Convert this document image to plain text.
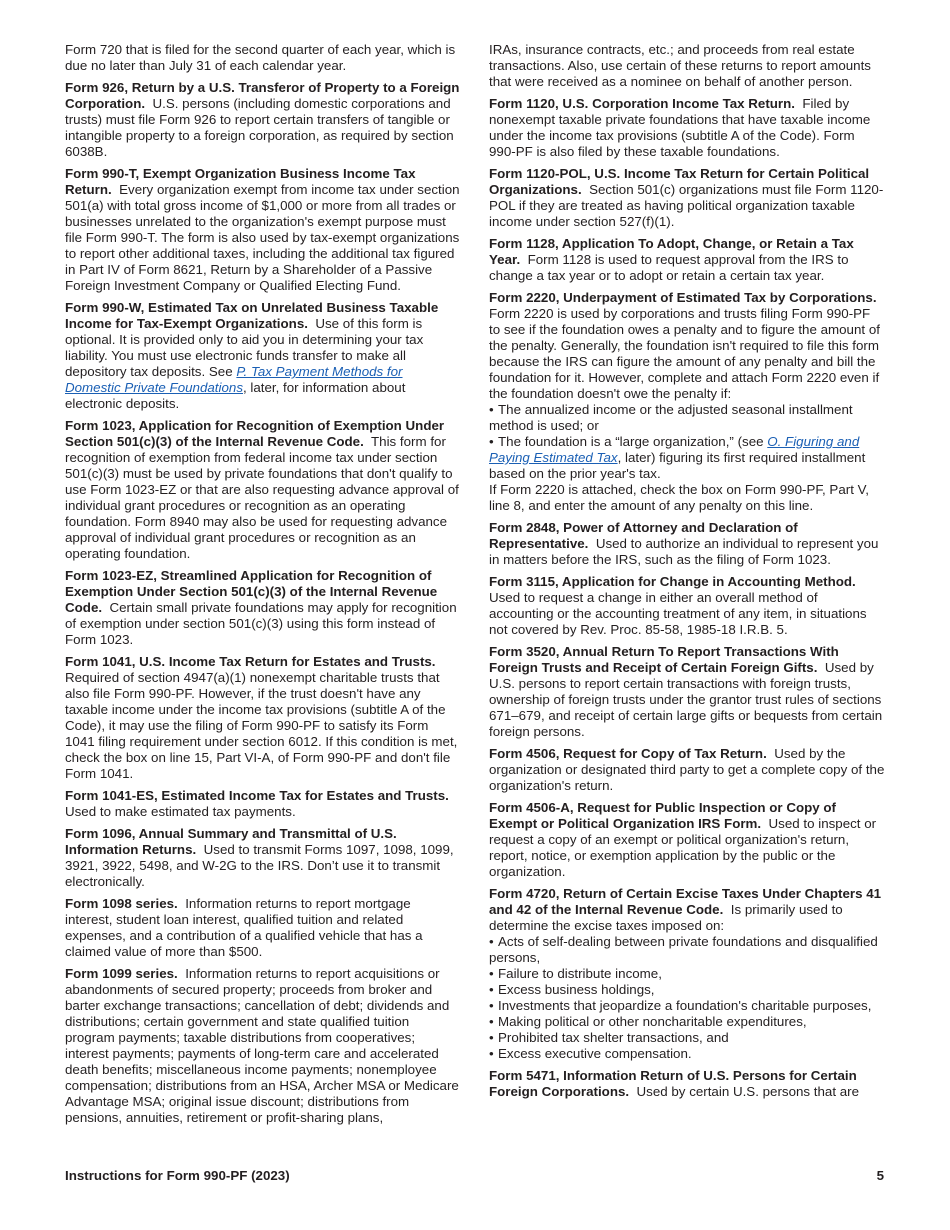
Form 720 that is filed for the second quarter of each year, which is due no later than July 31 of each calendar year.

Form 926, Return by a U.S. Transferor of Property to a Foreign Corporation. U.S. persons (including domestic corporations and trusts) must file Form 926 to report certain transfers of tangible or intangible property to a foreign corporation, as required by section 6038B.

Form 990-T, Exempt Organization Business Income Tax Return. Every organization exempt from income tax under section 501(a) with total gross income of $1,000 or more from all trades or businesses unrelated to the organization's exempt purpose must file Form 990-T. The form is also used by tax-exempt organizations to report other additional taxes, including the additional tax figured in Part IV of Form 8621, Return by a Shareholder of a Passive Foreign Investment Company or Qualified Electing Fund.

Form 990-W, Estimated Tax on Unrelated Business Taxable Income for Tax-Exempt Organizations. Use of this form is optional. It is provided only to aid you in determining your tax liability. You must use electronic funds transfer to make all depository tax deposits. See P. Tax Payment Methods for Domestic Private Foundations, later, for information about electronic deposits.

Form 1023, Application for Recognition of Exemption Under Section 501(c)(3) of the Internal Revenue Code. This form for recognition of exemption from federal income tax under section 501(c)(3) must be used by private foundations that don't qualify to use Form 1023-EZ or that are also requesting advance approval of individual grant procedures or recognition as an operating foundation. Form 8940 may also be used for requesting advance approval of individual grant procedures or recognition as an operating foundation.

Form 1023-EZ, Streamlined Application for Recognition of Exemption Under Section 501(c)(3) of the Internal Revenue Code. Certain small private foundations may apply for recognition of exemption under section 501(c)(3) using this form instead of Form 1023.

Form 1041, U.S. Income Tax Return for Estates and Trusts. Required of section 4947(a)(1) nonexempt charitable trusts that also file Form 990-PF. However, if the trust doesn't have any taxable income under the income tax provisions (subtitle A of the Code), it may use the filing of Form 990-PF to satisfy its Form 1041 filing requirement under section 6012. If this condition is met, check the box on line 15, Part VI-A, of Form 990-PF and don't file Form 1041.

Form 1041-ES, Estimated Income Tax for Estates and Trusts.  Used to make estimated tax payments.

Form 1096, Annual Summary and Transmittal of U.S. Information Returns. Used to transmit Forms 1097, 1098, 1099, 3921, 3922, 5498, and W-2G to the IRS. Don’t use it to transmit electronically.

Form 1098 series. Information returns to report mortgage interest, student loan interest, qualified tuition and related expenses, and a contribution of a qualified vehicle that has a claimed value of more than $500.

Form 1099 series. Information returns to report acquisitions or abandonments of secured property; proceeds from broker and barter exchange transactions; cancellation of debt; dividends and distributions; certain government and state qualified tuition program payments; taxable distributions from cooperatives; interest payments; payments of long-term care and accelerated death benefits; miscellaneous income payments; nonemployee compensation; distributions from an HSA, Archer MSA or Medicare Advantage MSA; original issue discount; distributions from pensions, annuities, retirement or profit-sharing plans,

IRAs, insurance contracts, etc.; and proceeds from real estate transactions. Also, use certain of these returns to report amounts that were received as a nominee on behalf of another person.

Form 1120, U.S. Corporation Income Tax Return. Filed by nonexempt taxable private foundations that have taxable income under the income tax provisions (subtitle A of the Code). Form 990-PF is also filed by these taxable foundations.

Form 1120-POL, U.S. Income Tax Return for Certain Political Organizations. Section 501(c) organizations must file Form 1120-POL if they are treated as having political organization taxable income under section 527(f)(1).

Form 1128, Application To Adopt, Change, or Retain a Tax Year. Form 1128 is used to request approval from the IRS to change a tax year or to adopt or retain a certain tax year.

Form 2220, Underpayment of Estimated Tax by Corporations.  Form 2220 is used by corporations and trusts filing Form 990-PF to see if the foundation owes a penalty and to figure the amount of the penalty. Generally, the foundation isn't required to file this form because the IRS can figure the amount of any penalty and bill the foundation for it. However, complete and attach Form 2220 even if the foundation doesn't owe the penalty if:

•The annualized income or the adjusted seasonal installment method is used; or

•The foundation is a “large organization,” (see O. Figuring and Paying Estimated Tax, later) figuring its first required installment based on the prior year's tax.

If Form 2220 is attached, check the box on Form 990-PF, Part V, line 8, and enter the amount of any penalty on this line.

Form 2848, Power of Attorney and Declaration of Representative. Used to authorize an individual to represent you in matters before the IRS, such as the filing of Form 1023.

Form 3115, Application for Change in Accounting Method. Used to request a change in either an overall method of accounting or the accounting treatment of any item, in situations not covered by Rev. Proc. 85-58, 1985-18 I.R.B. 5.

Form 3520, Annual Return To Report Transactions With Foreign Trusts and Receipt of Certain Foreign Gifts. Used by U.S. persons to report certain transactions with foreign trusts, ownership of foreign trusts under the grantor trust rules of sections 671–679, and receipt of certain large gifts or bequests from certain foreign persons.

Form 4506, Request for Copy of Tax Return. Used by the organization or designated third party to get a complete copy of the organization's return.

Form 4506-A, Request for Public Inspection or Copy of Exempt or Political Organization IRS Form. Used to inspect or request a copy of an exempt or political organization's return, report, notice, or exemption application by the public or the organization.

Form 4720, Return of Certain Excise Taxes Under Chapters 41 and 42 of the Internal Revenue Code. Is primarily used to determine the excise taxes imposed on:

•Acts of self-dealing between private foundations and disqualified persons,

•Failure to distribute income,

•Excess business holdings,

•Investments that jeopardize a foundation's charitable purposes,

•Making political or other noncharitable expenditures,

•Prohibited tax shelter transactions, and

•Excess executive compensation.

Form 5471, Information Return of U.S. Persons for Certain Foreign Corporations. Used by certain U.S. persons that are

Instructions for Form 990-PF (2023)	5
